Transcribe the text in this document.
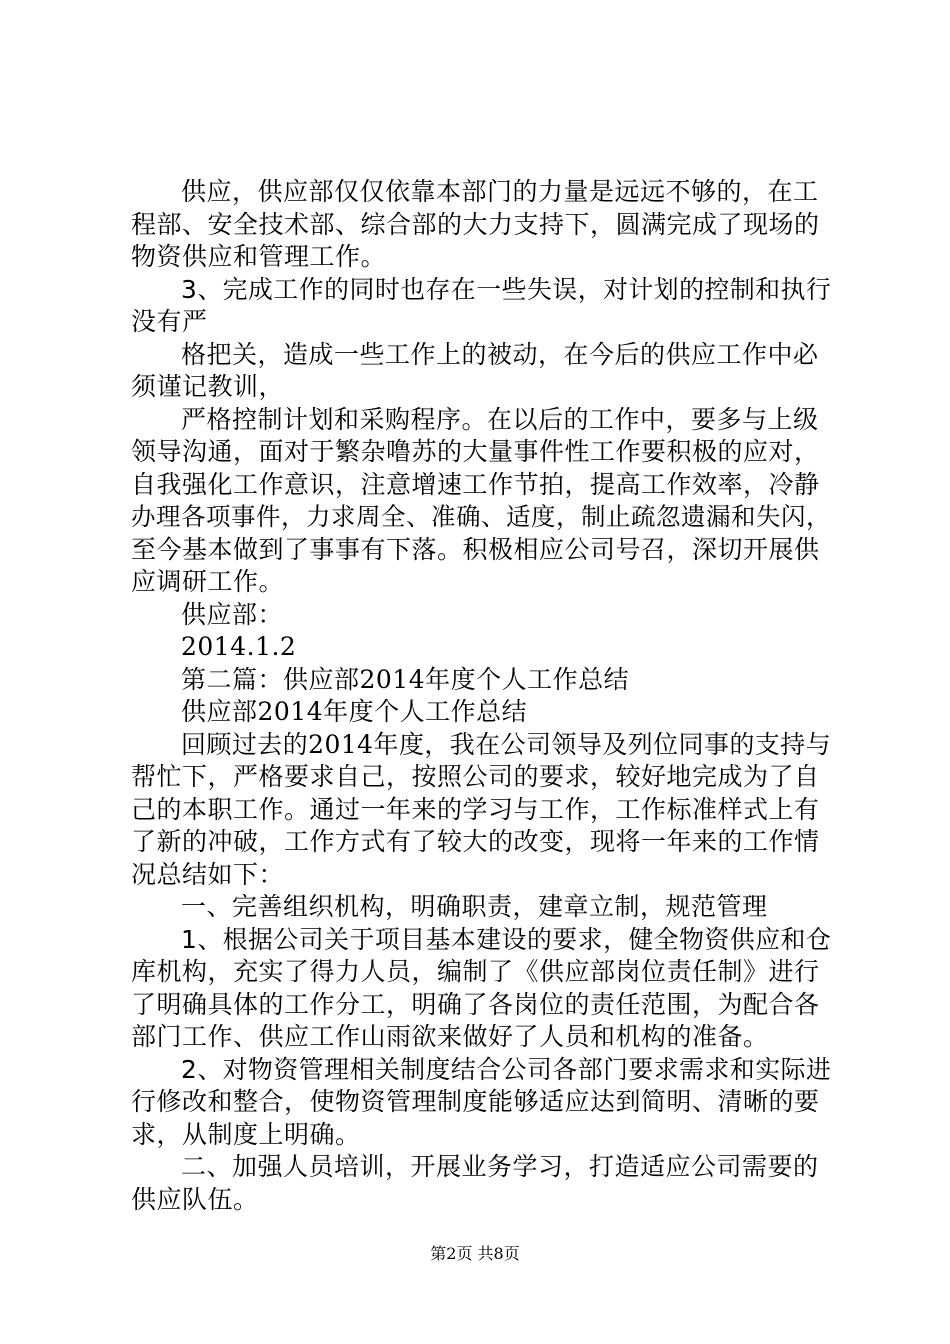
供应，供应部仅仅依靠本部门的力量是远远不够的，在工
程部、安全技术部、综合部的大力支持下，圆满完成了现场的
物资供应和管理工作。
3、完成工作的同时也存在一些失误，对计划的控制和执行
没有严
格把关，造成一些工作上的被动，在今后的供应工作中必
须谨记教训，
严格控制计划和采购程序。在以后的工作中，要多与上级
领导沟通，面对于繁杂噜苏的大量事件性工作要积极的应对，
自我强化工作意识，注意增速工作节拍，提高工作效率，冷静
办理各项事件，力求周全、准确、适度，制止疏忽遗漏和失闪，
至今基本做到了事事有下落。积极相应公司号召，深切开展供
应调研工作。
供应部：
2014.1.2
第二篇：供应部2014年度个人工作总结
供应部2014年度个人工作总结
回顾过去的2014年度，我在公司领导及列位同事的支持与
帮忙下，严格要求自己，按照公司的要求，较好地完成为了自
己的本职工作。通过一年来的学习与工作，工作标准样式上有
了新的冲破，工作方式有了较大的改变，现将一年来的工作情
况总结如下：
一、完善组织机构，明确职责，建章立制，规范管理
1、根据公司关于项目基本建设的要求，健全物资供应和仓
库机构，充实了得力人员，编制了《供应部岗位责任制》进行
了明确具体的工作分工，明确了各岗位的责任范围，为配合各
部门工作、供应工作山雨欲来做好了人员和机构的准备。
2、对物资管理相关制度结合公司各部门要求需求和实际进
行修改和整合，使物资管理制度能够适应达到简明、清晰的要
求，从制度上明确。
二、加强人员培训，开展业务学习，打造适应公司需要的
供应队伍。
第2页 共8页
